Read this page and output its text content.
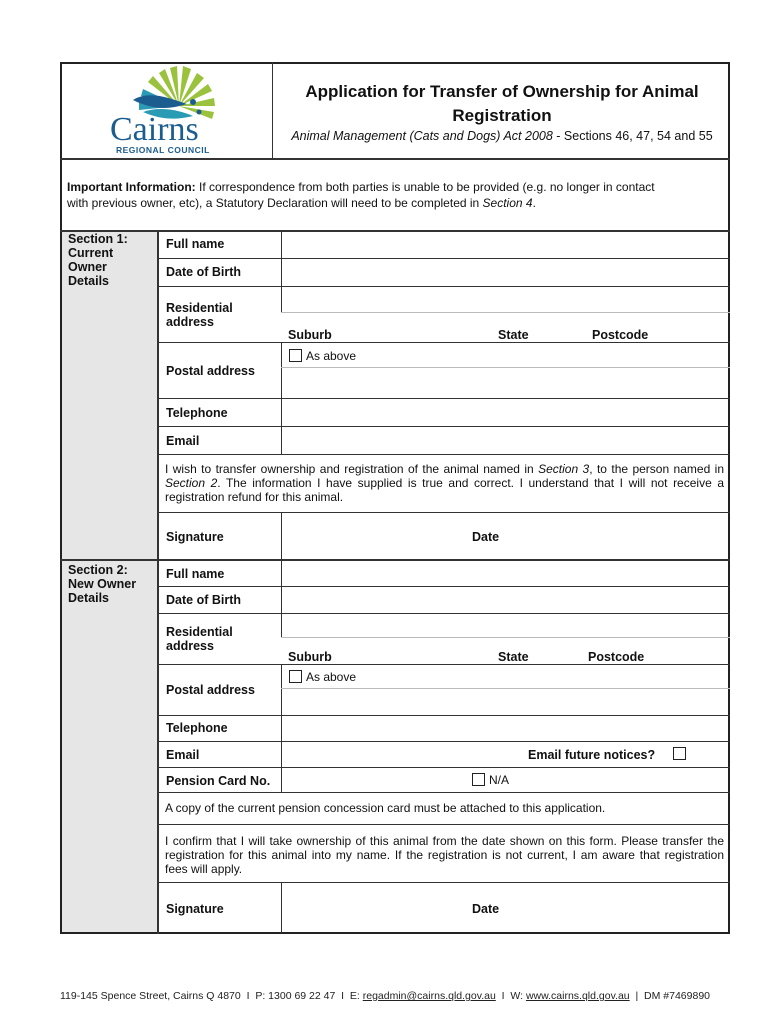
Cairns
REGIONAL COUNCIL
Application for Transfer of Ownership for Animal
Registration
Animal Management (Cats and Dogs) Act 2008 - Sections 46, 47, 54 and 55
Important Information: If correspondence from both parties is unable to be provided (e.g. no longer in contact
with previous owner, etc), a Statutory Declaration will need to be completed in Section 4.
Section 1:
Current
Owner
Details
Full name
Date of Birth
Residential
address
Suburb	State	Postcode
As above
Postal address
Telephone
Email
I wish to transfer ownership and registration of the animal named in Section 3, to the person named in Section 2. The information I have supplied is true and correct. I understand that I will not receive a registration refund for this animal.
Signature	Date
Section 2:
New Owner
Details
Full name
Date of Birth
Residential
address
Suburb	State	Postcode
As above
Postal address
Telephone
Email	Email future notices?
Pension Card No.	N/A
A copy of the current pension concession card must be attached to this application.
I confirm that I will take ownership of this animal from the date shown on this form. Please transfer the registration for this animal into my name. If the registration is not current, I am aware that registration fees will apply.
Signature	Date
119-145 Spence Street, Cairns Q 4870  I  P: 1300 69 22 47  I  E: regadmin@cairns.qld.gov.au  I  W: www.cairns.qld.gov.au  |  DM #7469890
